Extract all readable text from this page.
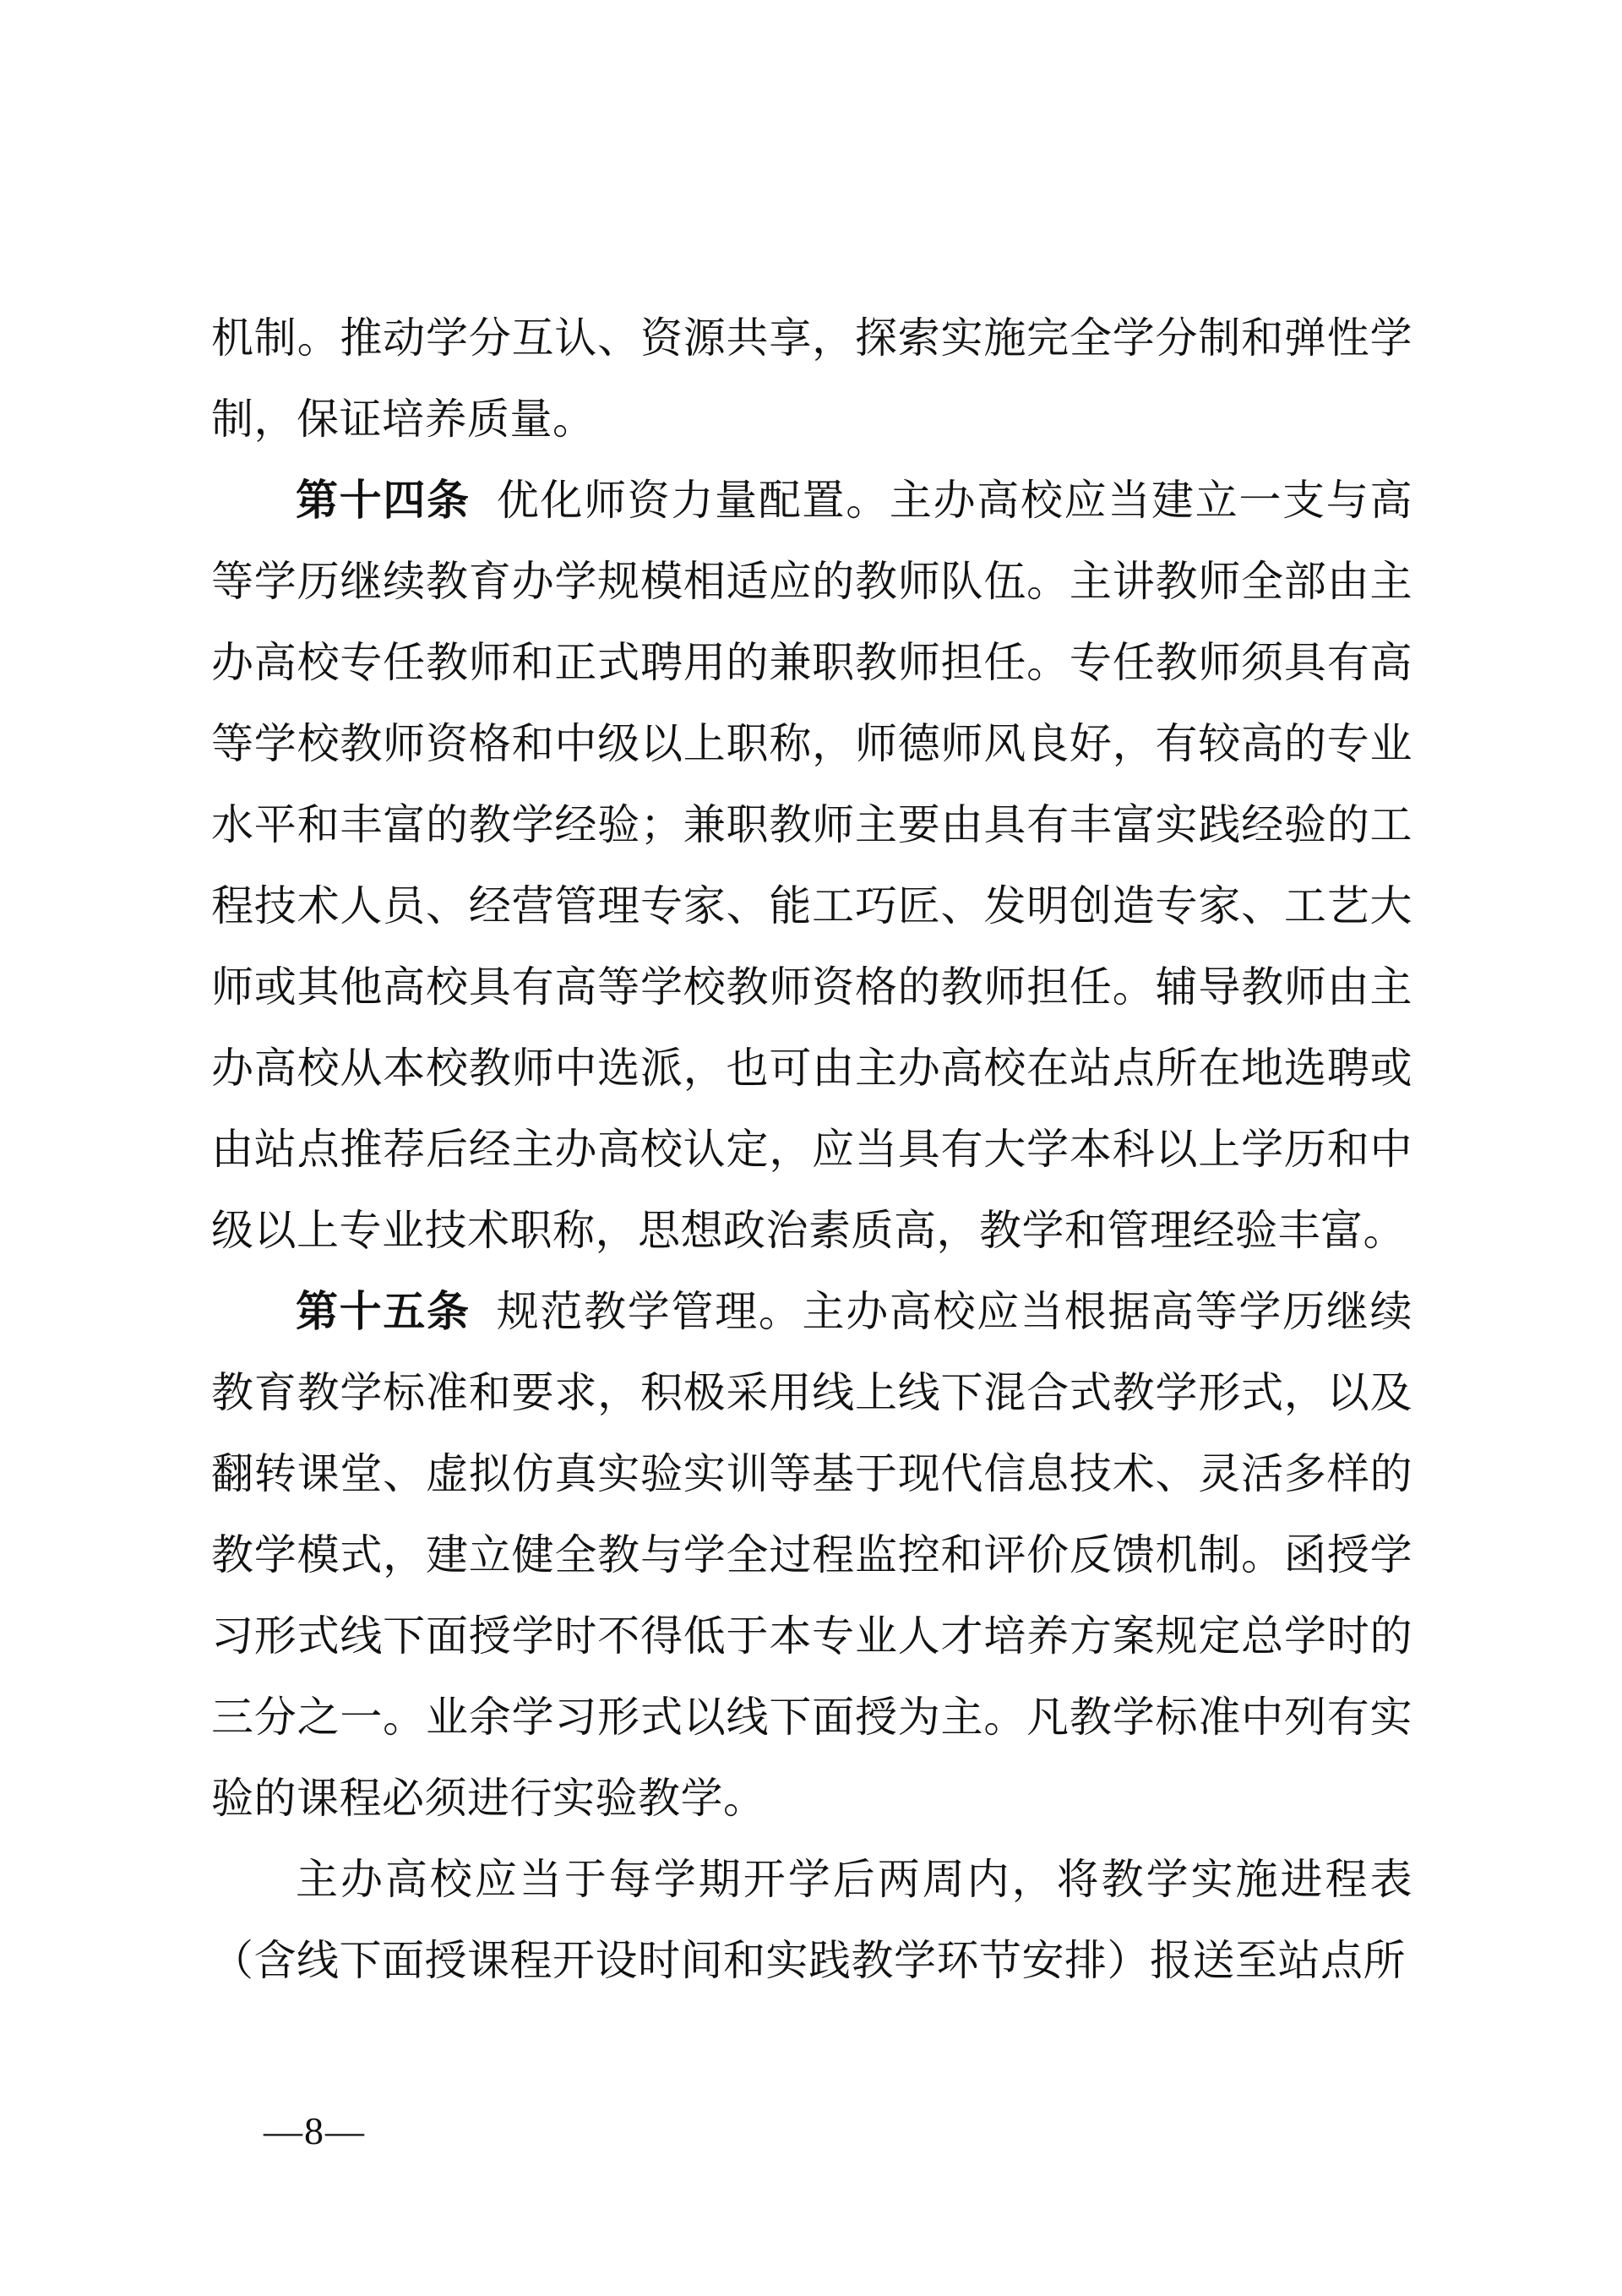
机制。推动学分互认、资源共享，探索实施完全学分制和弹性学制，保证培养质量。

第十四条 优化师资力量配置。主办高校应当建立一支与高等学历继续教育办学规模相适应的教师队伍。主讲教师全部由主办高校专任教师和正式聘用的兼职教师担任。专任教师须具有高等学校教师资格和中级以上职称，师德师风良好，有较高的专业水平和丰富的教学经验；兼职教师主要由具有丰富实践经验的工程技术人员、经营管理专家、能工巧匠、发明创造专家、工艺大师或其他高校具有高等学校教师资格的教师担任。辅导教师由主办高校从本校教师中选派，也可由主办高校在站点所在地选聘或由站点推荐后经主办高校认定，应当具有大学本科以上学历和中级以上专业技术职称，思想政治素质高，教学和管理经验丰富。

第十五条 规范教学管理。主办高校应当根据高等学历继续教育教学标准和要求，积极采用线上线下混合式教学形式，以及翻转课堂、虚拟仿真实验实训等基于现代信息技术、灵活多样的教学模式，建立健全教与学全过程监控和评价反馈机制。函授学习形式线下面授学时不得低于本专业人才培养方案规定总学时的三分之一。业余学习形式以线下面授为主。凡教学标准中列有实验的课程必须进行实验教学。

主办高校应当于每学期开学后两周内，将教学实施进程表（含线下面授课程开设时间和实践教学环节安排）报送至站点所

—8—
